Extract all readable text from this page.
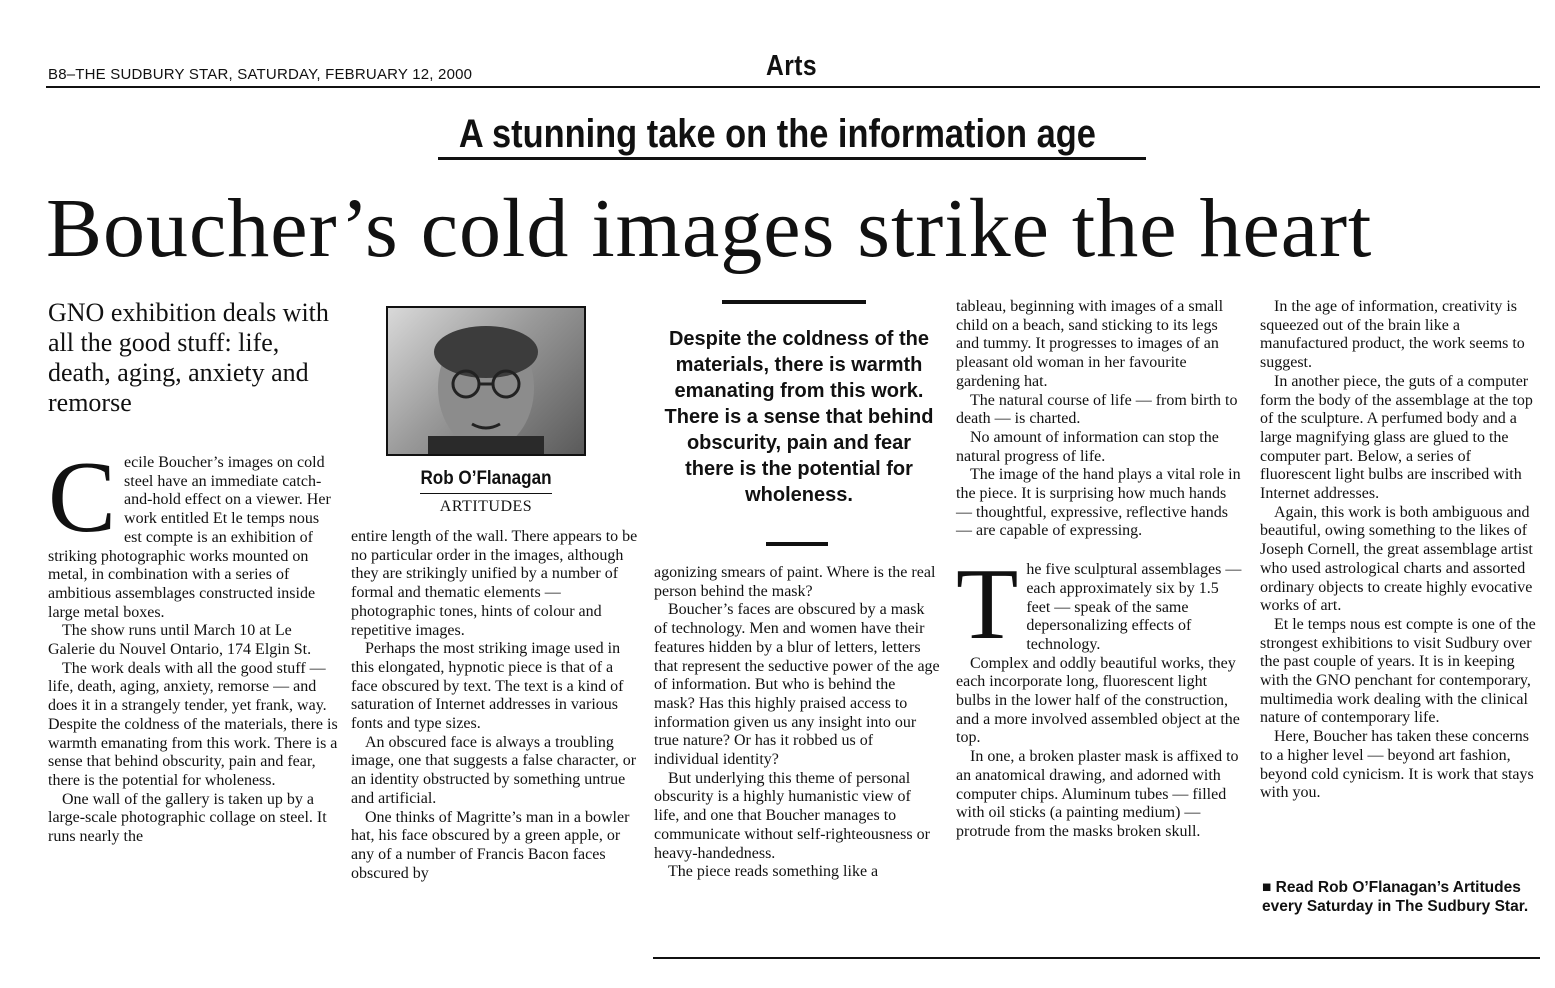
B8–THE SUDBURY STAR, SATURDAY, FEBRUARY 12, 2000	Arts
A stunning take on the information age
Boucher’s cold images strike the heart
GNO exhibition deals with all the good stuff: life, death, aging, anxiety and remorse

Cecile Boucher’s images on cold steel have an immediate catch-and-hold effect on a viewer. Her work entitled Et le temps nous est compte is an exhibition of striking photographic works mounted on metal, in combination with a series of ambitious assemblages constructed inside large metal boxes.

The show runs until March 10 at Le Galerie du Nouvel Ontario, 174 Elgin St.

The work deals with all the good stuff — life, death, aging, anxiety, remorse — and does it in a strangely tender, yet frank, way. Despite the coldness of the materials, there is warmth emanating from this work. There is a sense that behind obscurity, pain and fear, there is the potential for wholeness.

One wall of the gallery is taken up by a large-scale photographic collage on steel. It runs nearly the

Rob O’Flanagan
ARTITUDES

entire length of the wall. There appears to be no particular order in the images, although they are strikingly unified by a number of formal and thematic elements — photographic tones, hints of colour and repetitive images.

Perhaps the most striking image used in this elongated, hypnotic piece is that of a face obscured by text. The text is a kind of saturation of Internet addresses in various fonts and type sizes.

An obscured face is always a troubling image, one that suggests a false character, or an identity obstructed by something untrue and artificial.

One thinks of Magritte’s man in a bowler hat, his face obscured by a green apple, or any of a number of Francis Bacon faces obscured by

Despite the coldness of the materials, there is warmth emanating from this work. There is a sense that behind obscurity, pain and fear there is the potential for wholeness.

agonizing smears of paint. Where is the real person behind the mask?

Boucher’s faces are obscured by a mask of technology. Men and women have their features hidden by a blur of letters, letters that represent the seductive power of the age of information. But who is behind the mask? Has this highly praised access to information given us any insight into our true nature? Or has it robbed us of individual identity?

But underlying this theme of personal obscurity is a highly humanistic view of life, and one that Boucher manages to communicate without self-righteousness or heavy-handedness.

The piece reads something like a

tableau, beginning with images of a small child on a beach, sand sticking to its legs and tummy. It progresses to images of an pleasant old woman in her favourite gardening hat.

The natural course of life — from birth to death — is charted.

No amount of information can stop the natural progress of life.

The image of the hand plays a vital role in the piece. It is surprising how much hands — thoughtful, expressive, reflective hands — are capable of expressing.

The five sculptural assemblages — each approximately six by 1.5 feet — speak of the same depersonalizing effects of technology.

Complex and oddly beautiful works, they each incorporate long, fluorescent light bulbs in the lower half of the construction, and a more involved assembled object at the top.

In one, a broken plaster mask is affixed to an anatomical drawing, and adorned with computer chips. Aluminum tubes — filled with oil sticks (a painting medium) — protrude from the masks broken skull.

In the age of information, creativity is squeezed out of the brain like a manufactured product, the work seems to suggest.

In another piece, the guts of a computer form the body of the assemblage at the top of the sculpture. A perfumed body and a large magnifying glass are glued to the computer part. Below, a series of fluorescent light bulbs are inscribed with Internet addresses.

Again, this work is both ambiguous and beautiful, owing something to the likes of Joseph Cornell, the great assemblage artist who used astrological charts and assorted ordinary objects to create highly evocative works of art.

Et le temps nous est compte is one of the strongest exhibitions to visit Sudbury over the past couple of years. It is in keeping with the GNO penchant for contemporary, multimedia work dealing with the clinical nature of contemporary life.

Here, Boucher has taken these concerns to a higher level — beyond art fashion, beyond cold cynicism. It is work that stays with you.

■ Read Rob O’Flanagan’s Artitudes every Saturday in The Sudbury Star.
